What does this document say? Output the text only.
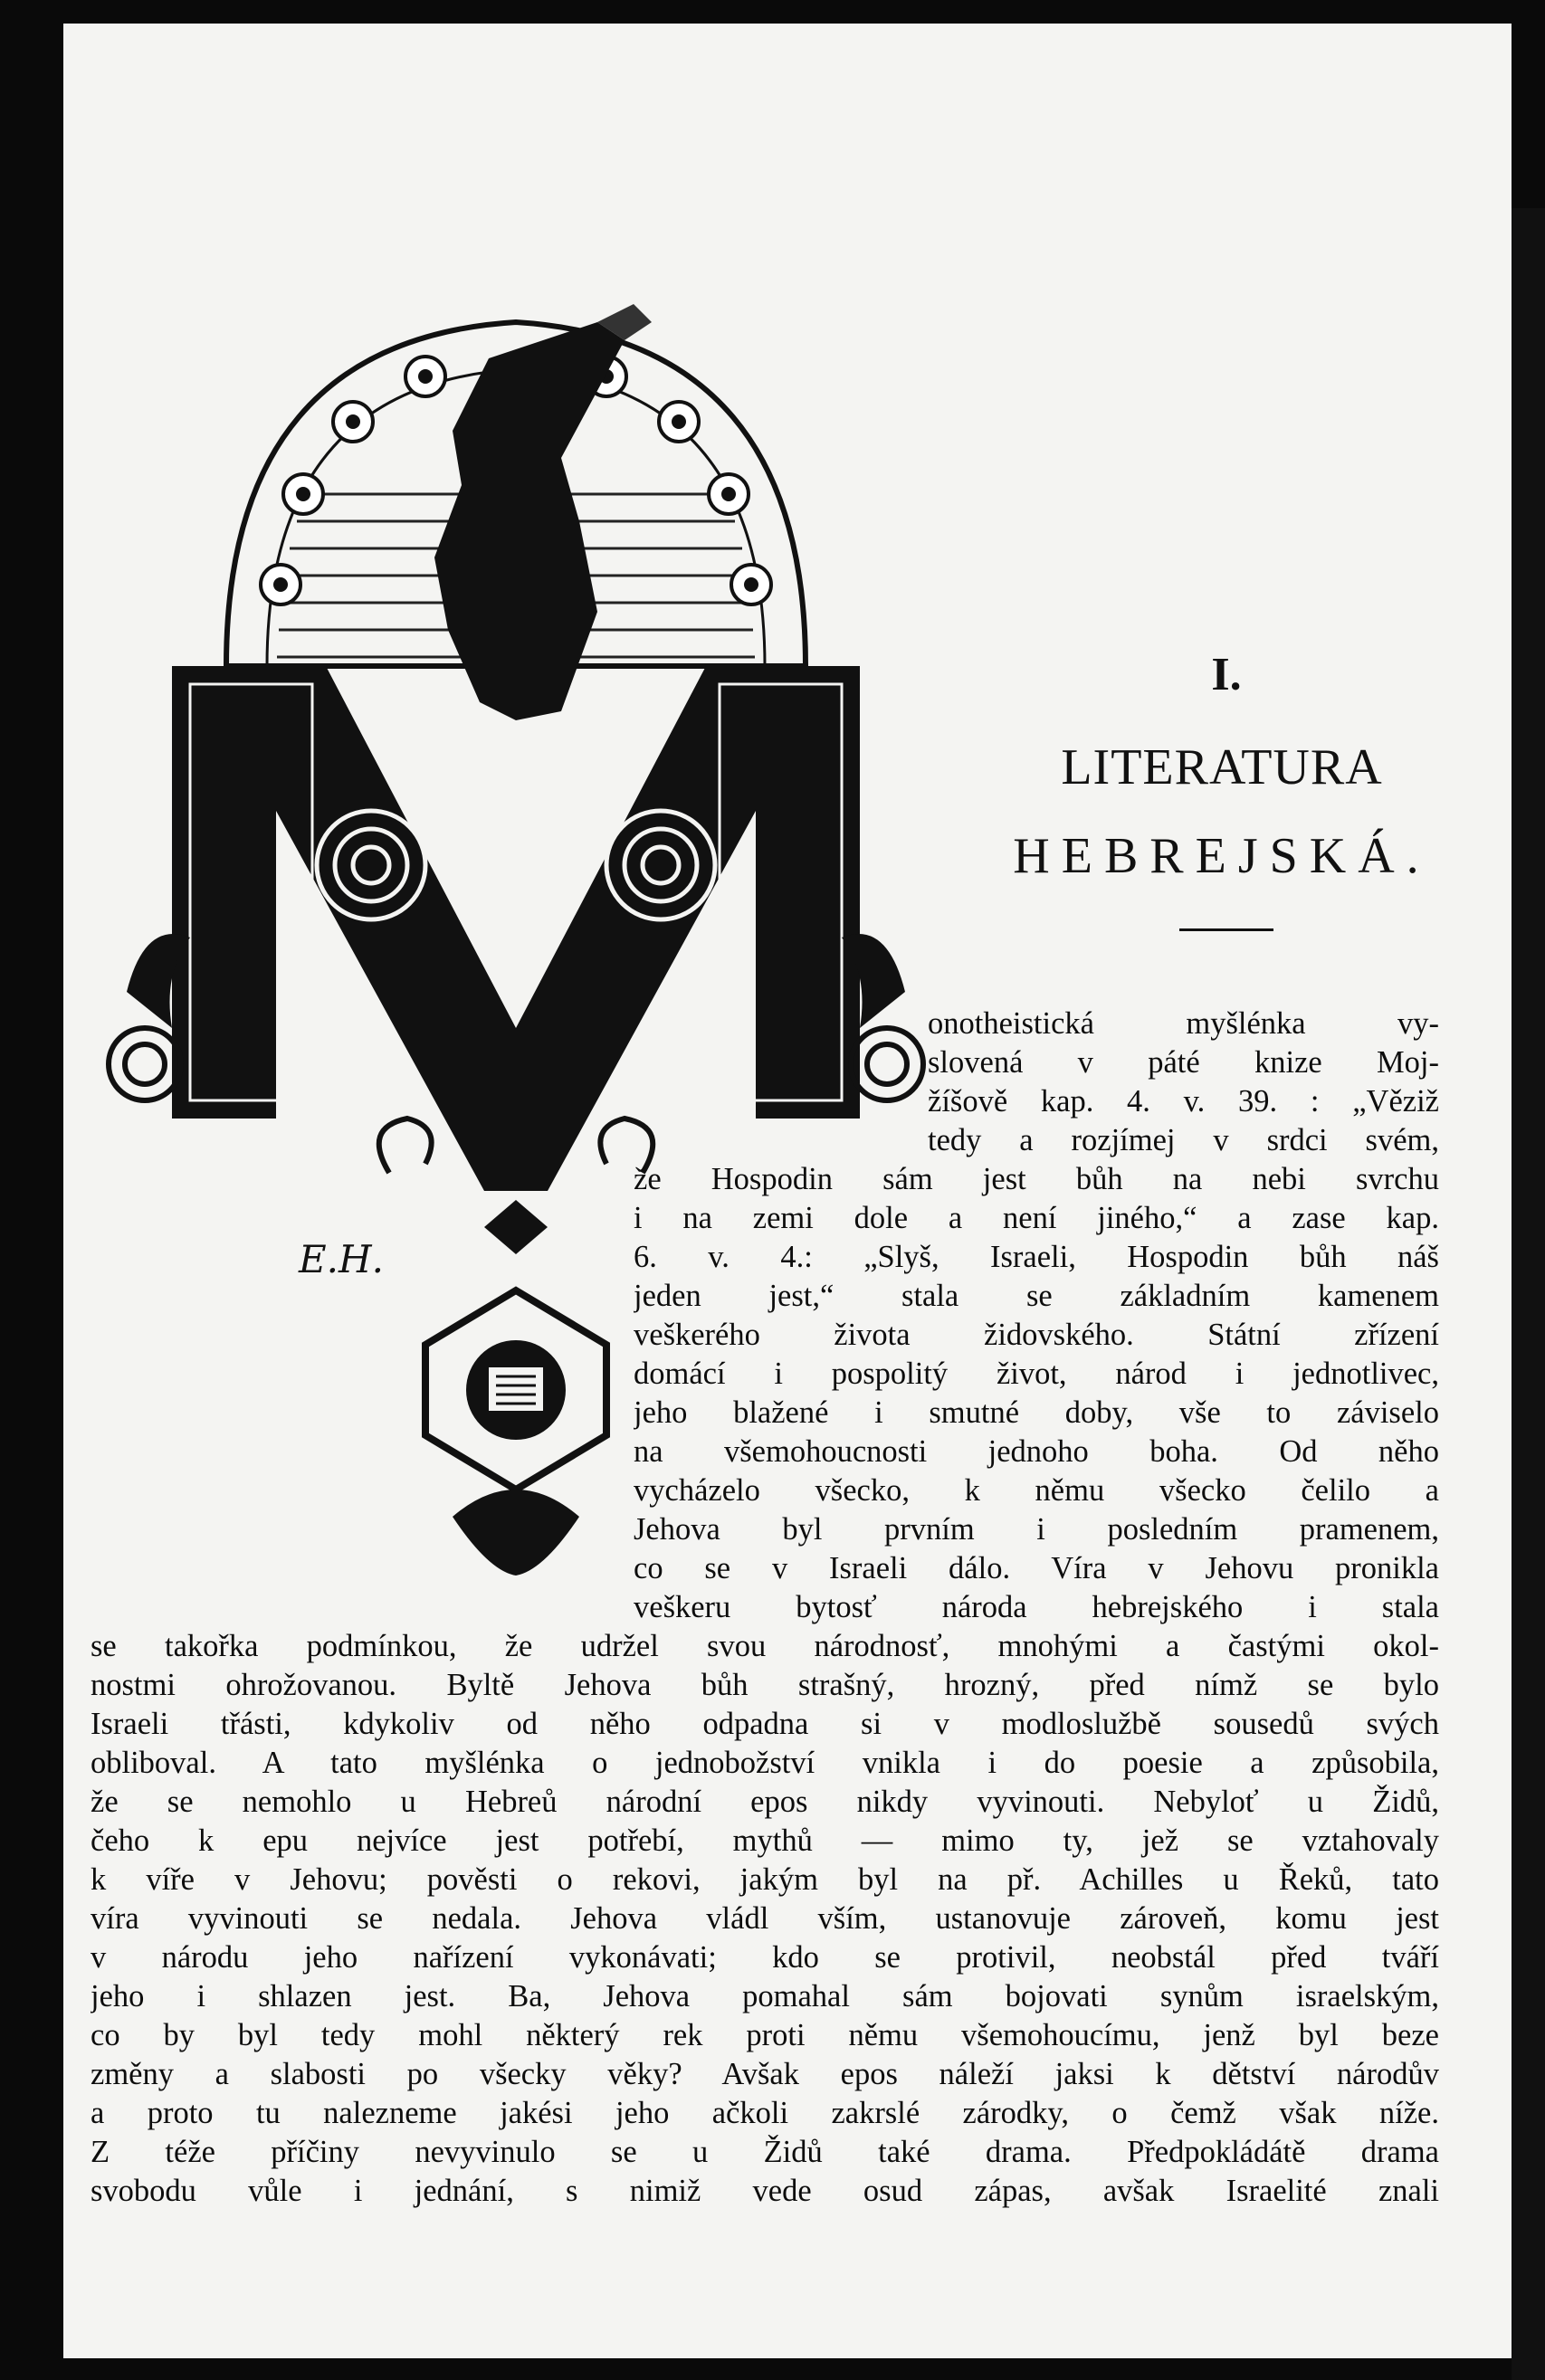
E.H.
I.
LITERATURA
HEBREJSKÁ.
onotheistická myšlénka vy-
slovená v páté knize Moj-
žíšově kap. 4. v. 39. : „Věziž
tedy a rozjímej v srdci svém,
že Hospodin sám jest bůh na nebi svrchu
i na zemi dole a není jiného,“ a zase kap.
6. v. 4.: „Slyš, Israeli, Hospodin bůh náš
jeden jest,“ stala se základním kamenem
veškerého života židovského. Státní zřízení
domácí i pospolitý život, národ i jednotlivec,
jeho blažené i smutné doby, vše to záviselo
na všemohoucnosti jednoho boha. Od něho
vycházelo všecko, k němu všecko čelilo a
Jehova byl prvním i posledním pramenem,
co se v Israeli dálo. Víra v Jehovu pronikla
veškeru bytosť národa hebrejského i stala
se takořka podmínkou, že udržel svou národnosť, mnohými a častými okol-
nostmi ohrožovanou. Byltě Jehova bůh strašný, hrozný, před nímž se bylo
Israeli třásti, kdykoliv od něho odpadna si v modloslužbě sousedů svých
obliboval. A tato myšlénka o jednobožství vnikla i do poesie a způsobila,
že se nemohlo u Hebreů národní epos nikdy vyvinouti. Nebyloť u Židů,
čeho k epu nejvíce jest potřebí, mythů — mimo ty, jež se vztahovaly
k víře v Jehovu; pověsti o rekovi, jakým byl na př. Achilles u Řeků, tato
víra vyvinouti se nedala. Jehova vládl vším, ustanovuje zároveň, komu jest
v národu jeho nařízení vykonávati; kdo se protivil, neobstál před tváří
jeho i shlazen jest. Ba, Jehova pomahal sám bojovati synům israelským,
co by byl tedy mohl některý rek proti němu všemohoucímu, jenž byl beze
změny a slabosti po všecky věky? Avšak epos náleží jaksi k dětství národův
a proto tu nalezneme jakési jeho ačkoli zakrslé zárodky, o čemž však níže.
Z téže příčiny nevyvinulo se u Židů také drama. Předpokládátě drama
svobodu vůle i jednání, s nimiž vede osud zápas, avšak Israelité znali
